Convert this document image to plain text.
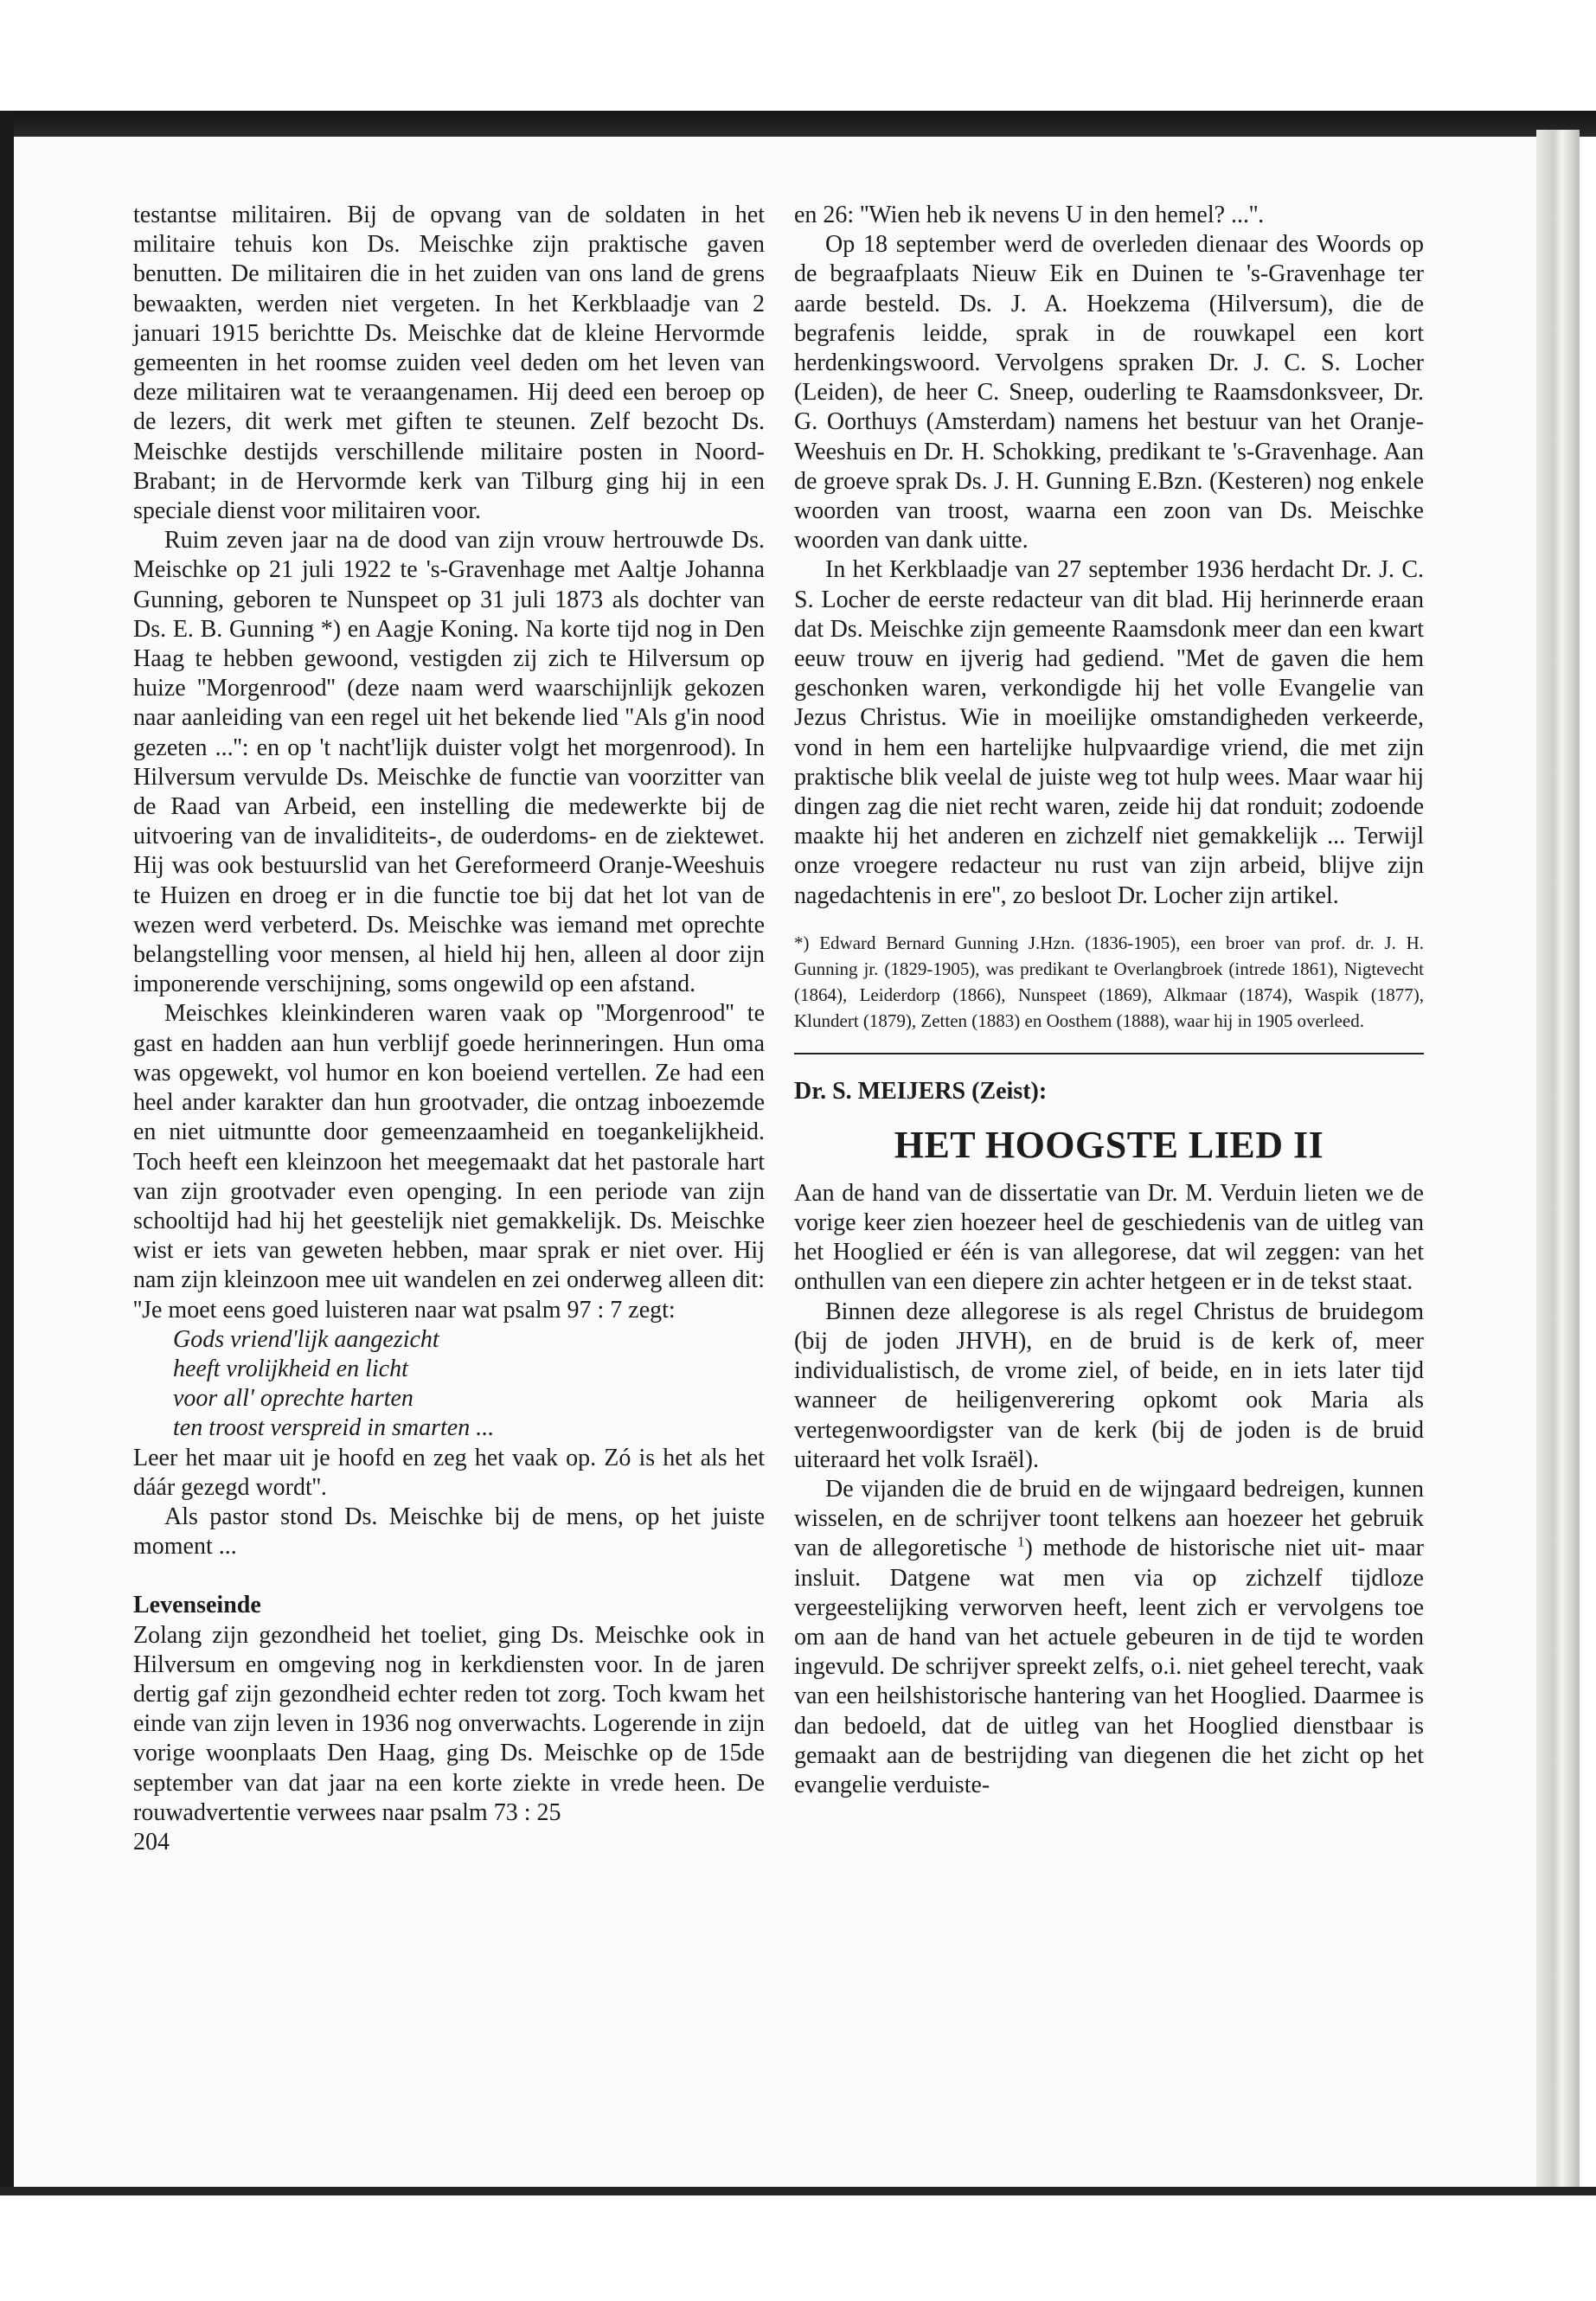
testantse militairen. Bij de opvang van de soldaten in het militaire tehuis kon Ds. Meischke zijn praktische gaven benutten. De militairen die in het zuiden van ons land de grens bewaakten, werden niet vergeten. In het Kerkblaadje van 2 januari 1915 berichtte Ds. Meischke dat de kleine Hervormde gemeenten in het roomse zuiden veel deden om het leven van deze militairen wat te veraangenamen. Hij deed een beroep op de lezers, dit werk met giften te steunen. Zelf bezocht Ds. Meischke destijds verschillende militaire posten in Noord-Brabant; in de Hervormde kerk van Tilburg ging hij in een speciale dienst voor militairen voor.

Ruim zeven jaar na de dood van zijn vrouw hertrouwde Ds. Meischke op 21 juli 1922 te 's-Gravenhage met Aaltje Johanna Gunning, geboren te Nunspeet op 31 juli 1873 als dochter van Ds. E. B. Gunning *) en Aagje Koning. Na korte tijd nog in Den Haag te hebben gewoond, vestigden zij zich te Hilversum op huize ''Morgenrood'' (deze naam werd waarschijnlijk gekozen naar aanleiding van een regel uit het bekende lied ''Als g'in nood gezeten ...'': en op 't nacht'lijk duister volgt het morgenrood). In Hilversum vervulde Ds. Meischke de functie van voorzitter van de Raad van Arbeid, een instelling die medewerkte bij de uitvoering van de invaliditeits-, de ouderdoms- en de ziektewet. Hij was ook bestuurslid van het Gereformeerd Oranje-Weeshuis te Huizen en droeg er in die functie toe bij dat het lot van de wezen werd verbeterd. Ds. Meischke was iemand met oprechte belangstelling voor mensen, al hield hij hen, alleen al door zijn imponerende verschijning, soms ongewild op een afstand.

Meischkes kleinkinderen waren vaak op ''Morgenrood'' te gast en hadden aan hun verblijf goede herinneringen. Hun oma was opgewekt, vol humor en kon boeiend vertellen. Ze had een heel ander karakter dan hun grootvader, die ontzag inboezemde en niet uitmuntte door gemeenzaamheid en toegankelijkheid. Toch heeft een kleinzoon het meegemaakt dat het pastorale hart van zijn grootvader even openging. In een periode van zijn schooltijd had hij het geestelijk niet gemakkelijk. Ds. Meischke wist er iets van geweten hebben, maar sprak er niet over. Hij nam zijn kleinzoon mee uit wandelen en zei onderweg alleen dit: ''Je moet eens goed luisteren naar wat psalm 97 : 7 zegt:

Gods vriend'lijk aangezicht
heeft vrolijkheid en licht
voor all' oprechte harten
ten troost verspreid in smarten ...

Leer het maar uit je hoofd en zeg het vaak op. Zó is het als het dáár gezegd wordt''.

Als pastor stond Ds. Meischke bij de mens, op het juiste moment ...

Levenseinde

Zolang zijn gezondheid het toeliet, ging Ds. Meischke ook in Hilversum en omgeving nog in kerkdiensten voor. In de jaren dertig gaf zijn gezondheid echter reden tot zorg. Toch kwam het einde van zijn leven in 1936 nog onverwachts. Logerende in zijn vorige woonplaats Den Haag, ging Ds. Meischke op de 15de september van dat jaar na een korte ziekte in vrede heen. De rouwadvertentie verwees naar psalm 73 : 25

204

en 26: ''Wien heb ik nevens U in den hemel? ...''.

Op 18 september werd de overleden dienaar des Woords op de begraafplaats Nieuw Eik en Duinen te 's-Gravenhage ter aarde besteld. Ds. J. A. Hoekzema (Hilversum), die de begrafenis leidde, sprak in de rouwkapel een kort herdenkingswoord. Vervolgens spraken Dr. J. C. S. Locher (Leiden), de heer C. Sneep, ouderling te Raamsdonksveer, Dr. G. Oorthuys (Amsterdam) namens het bestuur van het Oranje-Weeshuis en Dr. H. Schokking, predikant te 's-Gravenhage. Aan de groeve sprak Ds. J. H. Gunning E.Bzn. (Kesteren) nog enkele woorden van troost, waarna een zoon van Ds. Meischke woorden van dank uitte.

In het Kerkblaadje van 27 september 1936 herdacht Dr. J. C. S. Locher de eerste redacteur van dit blad. Hij herinnerde eraan dat Ds. Meischke zijn gemeente Raamsdonk meer dan een kwart eeuw trouw en ijverig had gediend. ''Met de gaven die hem geschonken waren, verkondigde hij het volle Evangelie van Jezus Christus. Wie in moeilijke omstandigheden verkeerde, vond in hem een hartelijke hulpvaardige vriend, die met zijn praktische blik veelal de juiste weg tot hulp wees. Maar waar hij dingen zag die niet recht waren, zeide hij dat ronduit; zodoende maakte hij het anderen en zichzelf niet gemakkelijk ... Terwijl onze vroegere redacteur nu rust van zijn arbeid, blijve zijn nagedachtenis in ere'', zo besloot Dr. Locher zijn artikel.

*) Edward Bernard Gunning J.Hzn. (1836-1905), een broer van prof. dr. J. H. Gunning jr. (1829-1905), was predikant te Overlangbroek (intrede 1861), Nigtevecht (1864), Leiderdorp (1866), Nunspeet (1869), Alkmaar (1874), Waspik (1877), Klundert (1879), Zetten (1883) en Oosthem (1888), waar hij in 1905 overleed.
Dr. S. MEIJERS (Zeist):
HET HOOGSTE LIED II

Aan de hand van de dissertatie van Dr. M. Verduin lieten we de vorige keer zien hoezeer heel de geschiedenis van de uitleg van het Hooglied er één is van allegorese, dat wil zeggen: van het onthullen van een diepere zin achter hetgeen er in de tekst staat.

Binnen deze allegorese is als regel Christus de bruidegom (bij de joden JHVH), en de bruid is de kerk of, meer individualistisch, de vrome ziel, of beide, en in iets later tijd wanneer de heiligenverering opkomt ook Maria als vertegenwoordigster van de kerk (bij de joden is de bruid uiteraard het volk Israël).

De vijanden die de bruid en de wijngaard bedreigen, kunnen wisselen, en de schrijver toont telkens aan hoezeer het gebruik van de allegoretische $^1$) methode de historische niet uit- maar insluit. Datgene wat men via op zichzelf tijdloze vergeestelijking verworven heeft, leent zich er vervolgens toe om aan de hand van het actuele gebeuren in de tijd te worden ingevuld. De schrijver spreekt zelfs, o.i. niet geheel terecht, vaak van een heilshistorische hantering van het Hooglied. Daarmee is dan bedoeld, dat de uitleg van het Hooglied dienstbaar is gemaakt aan de bestrijding van diegenen die het zicht op het evangelie verduiste-
